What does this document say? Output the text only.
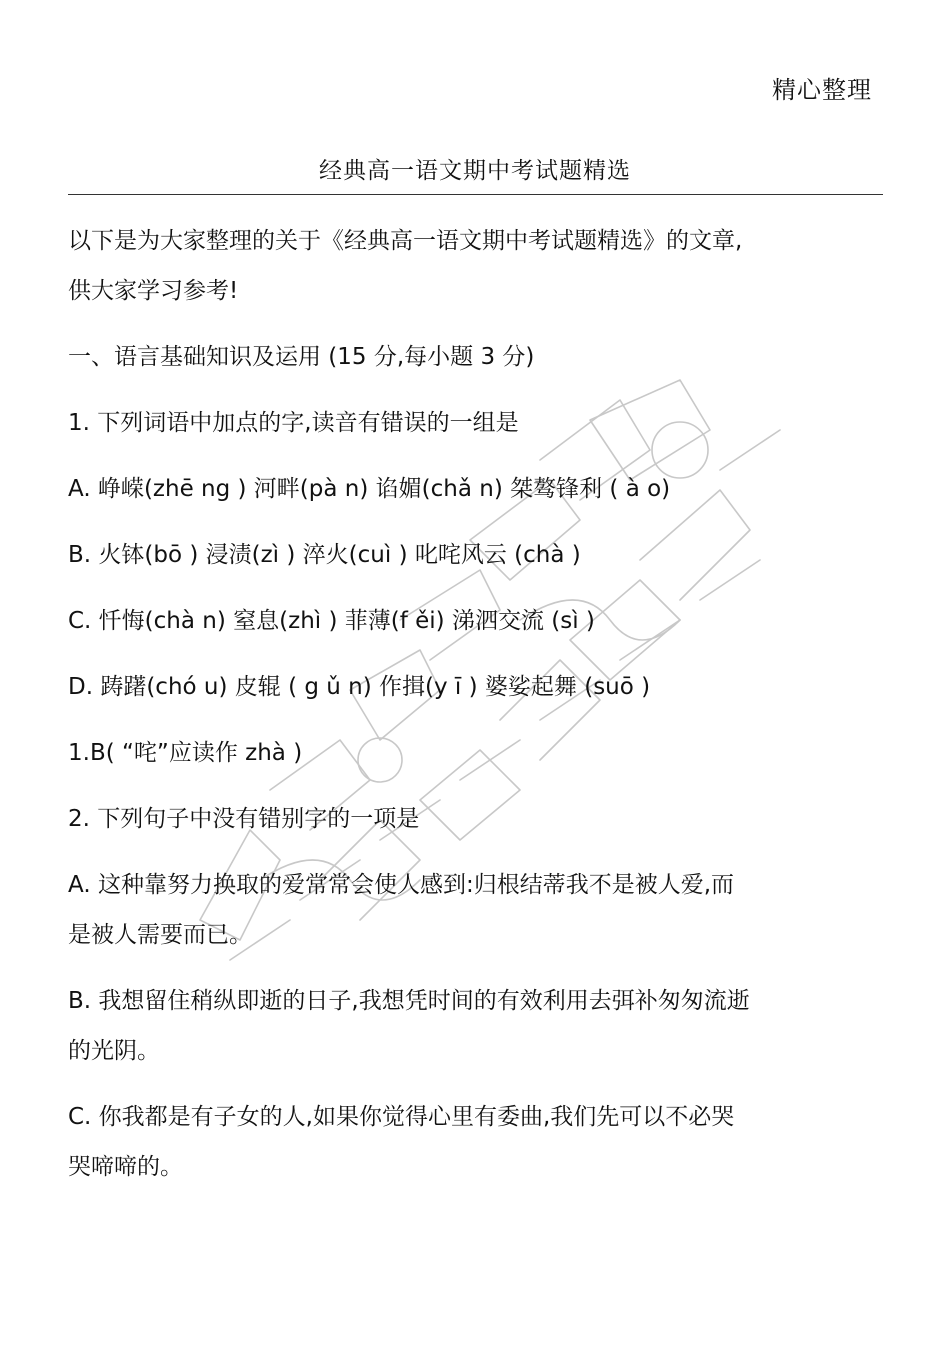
精心整理
经典高一语文期中考试题精选
以下是为大家整理的关于《经典高一语文期中考试题精选》的文章,
供大家学习参考!
一、语言基础知识及运用 (15 分,每小题 3 分)
1. 下列词语中加点的字,读音有错误的一组是
A. 峥嵘(zhē ng ) 河畔(pà n) 谄媚(chǎ n) 桀骜锋利 ( à o)
B. 火钵(bō ) 浸渍(zì ) 淬火(cuì ) 叱咤风云 (chà )
C. 忏悔(chà n) 窒息(zhì ) 菲薄(f ěi) 涕泗交流 (sì )
D. 踌躇(chó u) 皮辊 ( g ǔ n) 作揖(y ī ) 婆娑起舞 (suō )
1.B( “咤”应读作 zhà )
2. 下列句子中没有错别字的一项是
A. 这种靠努力换取的爱常常会使人感到:归根结蒂我不是被人爱,而
是被人需要而已。
B. 我想留住稍纵即逝的日子,我想凭时间的有效利用去弭补匆匆流逝
的光阴。
C. 你我都是有子女的人,如果你觉得心里有委曲,我们先可以不必哭
哭啼啼的。
